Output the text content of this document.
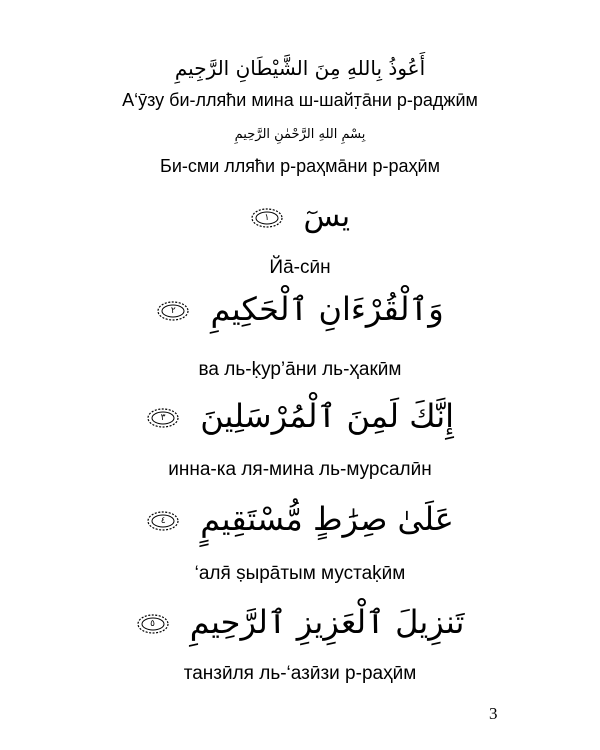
أَعُوذُ بِاللهِ مِنَ الشَّيْطَانِ الرَّجِيمِ
А‘ӯзу би-лляћи мина ш-шайт̣āни р-раджӣм
بِسْمِ اللهِ الرَّحْمٰنِ الرَّحِيمِ
Би-сми лляћи р-раҳмāни р-раҳӣм
يسٓ
١
Йā-сӣн
وَٱلْقُرْءَانِ ٱلْحَكِيمِ
٢
ва ль-ḳур’āни ль-ҳакӣм
إِنَّكَ لَمِنَ ٱلْمُرْسَلِينَ
٣
инна-ка ля-мина ль-мурсалӣн
عَلَىٰ صِرَٰطٍ مُّسْتَقِيمٍ
٤
‘аля̄ ṣыра̄тым мустаḳӣм
تَنزِيلَ ٱلْعَزِيزِ ٱلرَّحِيمِ
٥
танзӣля ль-‘азӣзи р-раҳӣм
3
